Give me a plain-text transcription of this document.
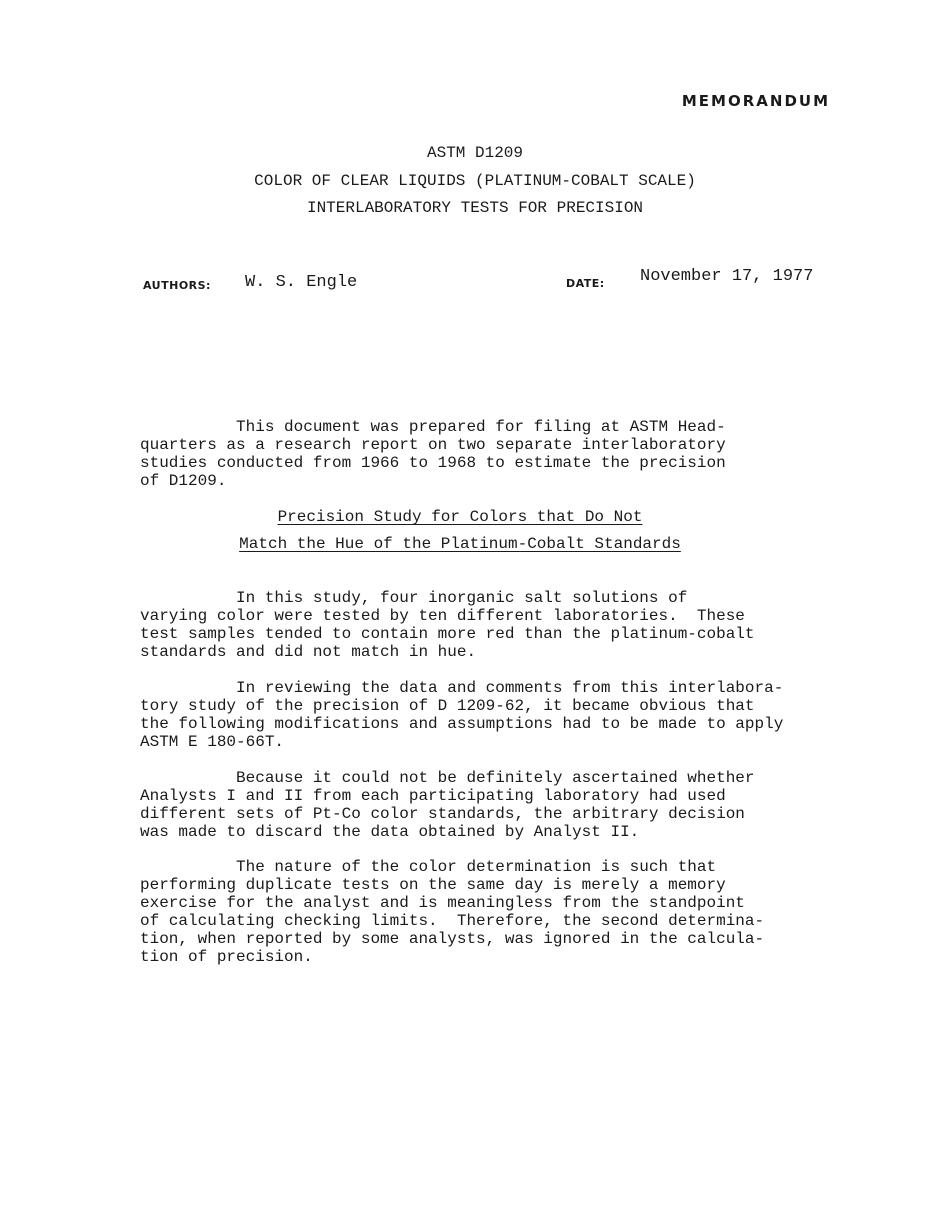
MEMORANDUM
ASTM D1209
COLOR OF CLEAR LIQUIDS (PLATINUM-COBALT SCALE)
INTERLABORATORY TESTS FOR PRECISION
AUTHORS: W. S. Engle	DATE: November 17, 1977

This document was prepared for filing at ASTM Head-
quarters as a research report on two separate interlaboratory
studies conducted from 1966 to 1968 to estimate the precision
of D1209.

Precision Study for Colors that Do Not
Match the Hue of the Platinum-Cobalt Standards

In this study, four inorganic salt solutions of
varying color were tested by ten different laboratories.  These
test samples tended to contain more red than the platinum-cobalt
standards and did not match in hue.

In reviewing the data and comments from this interlabora-
tory study of the precision of D 1209-62, it became obvious that
the following modifications and assumptions had to be made to apply
ASTM E 180-66T.

Because it could not be definitely ascertained whether
Analysts I and II from each participating laboratory had used
different sets of Pt-Co color standards, the arbitrary decision
was made to discard the data obtained by Analyst II.

The nature of the color determination is such that
performing duplicate tests on the same day is merely a memory
exercise for the analyst and is meaningless from the standpoint
of calculating checking limits.  Therefore, the second determina-
tion, when reported by some analysts, was ignored in the calcula-
tion of precision.
